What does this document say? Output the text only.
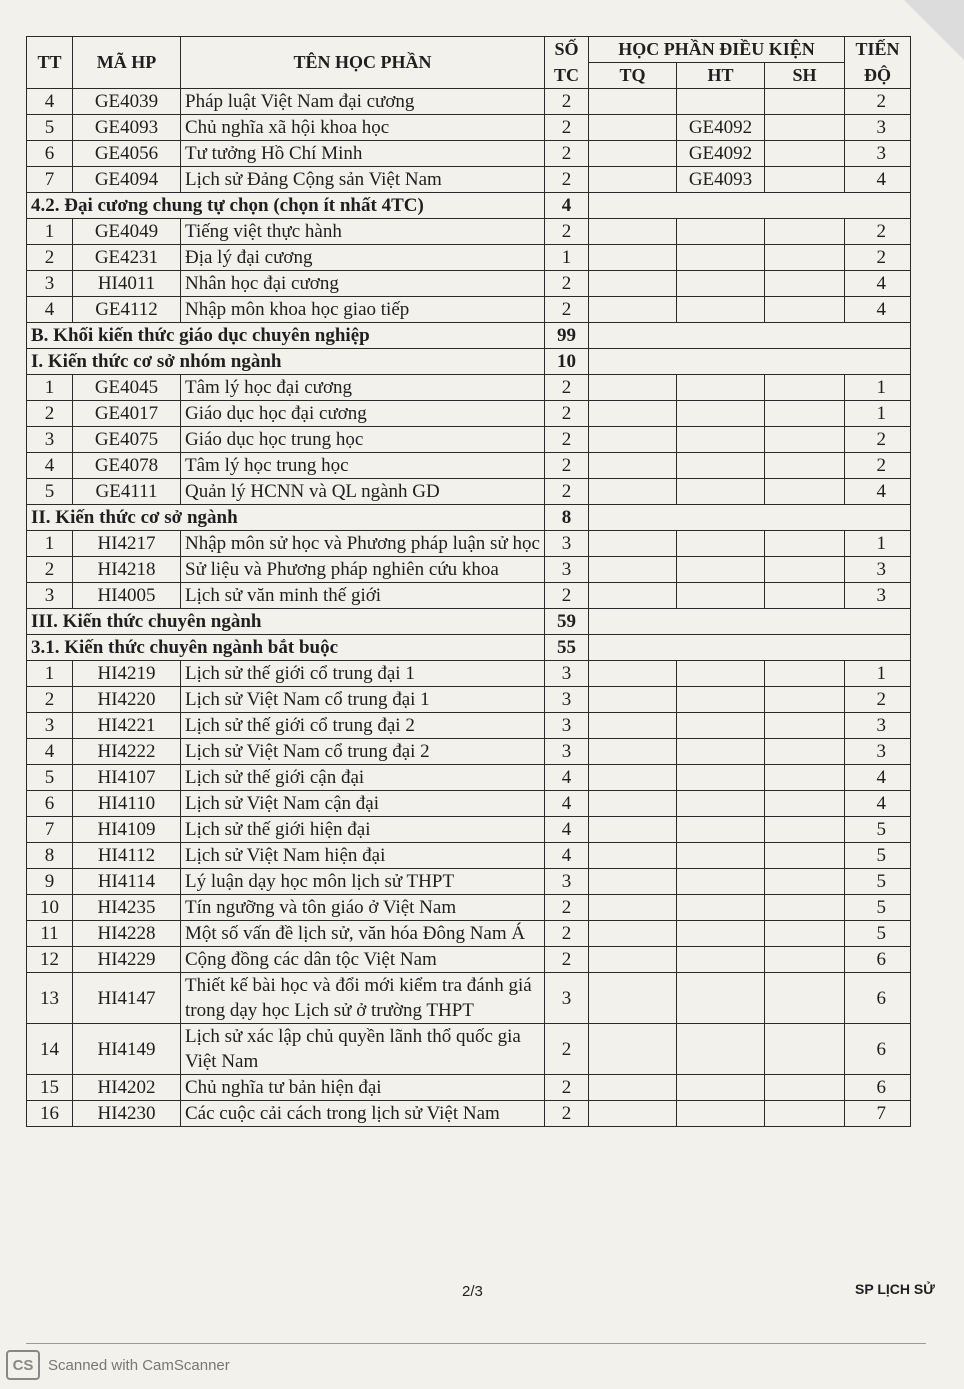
TT	MÃ HP	TÊN HỌC PHẦN	SỐ	HỌC PHẦN ĐIỀU KIỆN			TIẾN
			TC	TQ	HT	SH	ĐỘ
4	GE4039	Pháp luật Việt Nam đại cương	2				2
5	GE4093	Chủ nghĩa xã hội khoa học	2		GE4092		3
6	GE4056	Tư tưởng Hồ Chí Minh	2		GE4092		3
7	GE4094	Lịch sử Đảng Cộng sản Việt Nam	2		GE4093		4
4.2. Đại cương chung tự chọn (chọn ít nhất 4TC)			4				
1	GE4049	Tiếng việt thực hành	2				2
2	GE4231	Địa lý đại cương	1				2
3	HI4011	Nhân học đại cương	2				4
4	GE4112	Nhập môn khoa học giao tiếp	2				4
B. Khối kiến thức giáo dục chuyên nghiệp			99				
I. Kiến thức cơ sở nhóm ngành			10				
1	GE4045	Tâm lý học đại cương	2				1
2	GE4017	Giáo dục học đại cương	2				1
3	GE4075	Giáo dục học trung học	2				2
4	GE4078	Tâm lý học trung học	2				2
5	GE4111	Quản lý HCNN và QL ngành GD	2				4
II. Kiến thức cơ sở ngành			8				
1	HI4217	Nhập môn sử học và Phương pháp luận sử học	3				1
2	HI4218	Sử liệu và Phương pháp nghiên cứu khoa	3				3
3	HI4005	Lịch sử văn minh thế giới	2				3
III. Kiến thức chuyên ngành			59				
3.1. Kiến thức chuyên ngành bắt buộc			55				
1	HI4219	Lịch sử thế giới cổ trung đại 1	3				1
2	HI4220	Lịch sử Việt Nam cổ trung đại 1	3				2
3	HI4221	Lịch sử thế giới cổ trung đại 2	3				3
4	HI4222	Lịch sử Việt Nam cổ trung đại 2	3				3
5	HI4107	Lịch sử thế giới cận đại	4				4
6	HI4110	Lịch sử Việt Nam cận đại	4				4
7	HI4109	Lịch sử thế giới hiện đại	4				5
8	HI4112	Lịch sử Việt Nam hiện đại	4				5
9	HI4114	Lý luận dạy học môn lịch sử THPT	3				5
10	HI4235	Tín ngưỡng và tôn giáo ở Việt Nam	2				5
11	HI4228	Một số vấn đề lịch sử, văn hóa Đông Nam Á	2				5
12	HI4229	Cộng đồng các dân tộc Việt Nam	2				6
13	HI4147	Thiết kế bài học và đổi mới kiểm tra đánh giá trong dạy học Lịch sử ở trường THPT	3				6
14	HI4149	Lịch sử xác lập chủ quyền lãnh thổ quốc gia Việt Nam	2				6
15	HI4202	Chủ nghĩa tư bản hiện đại	2				6
16	HI4230	Các cuộc cải cách trong lịch sử Việt Nam	2				7
2/3	SP LỊCH SỬ
CS Scanned with CamScanner
